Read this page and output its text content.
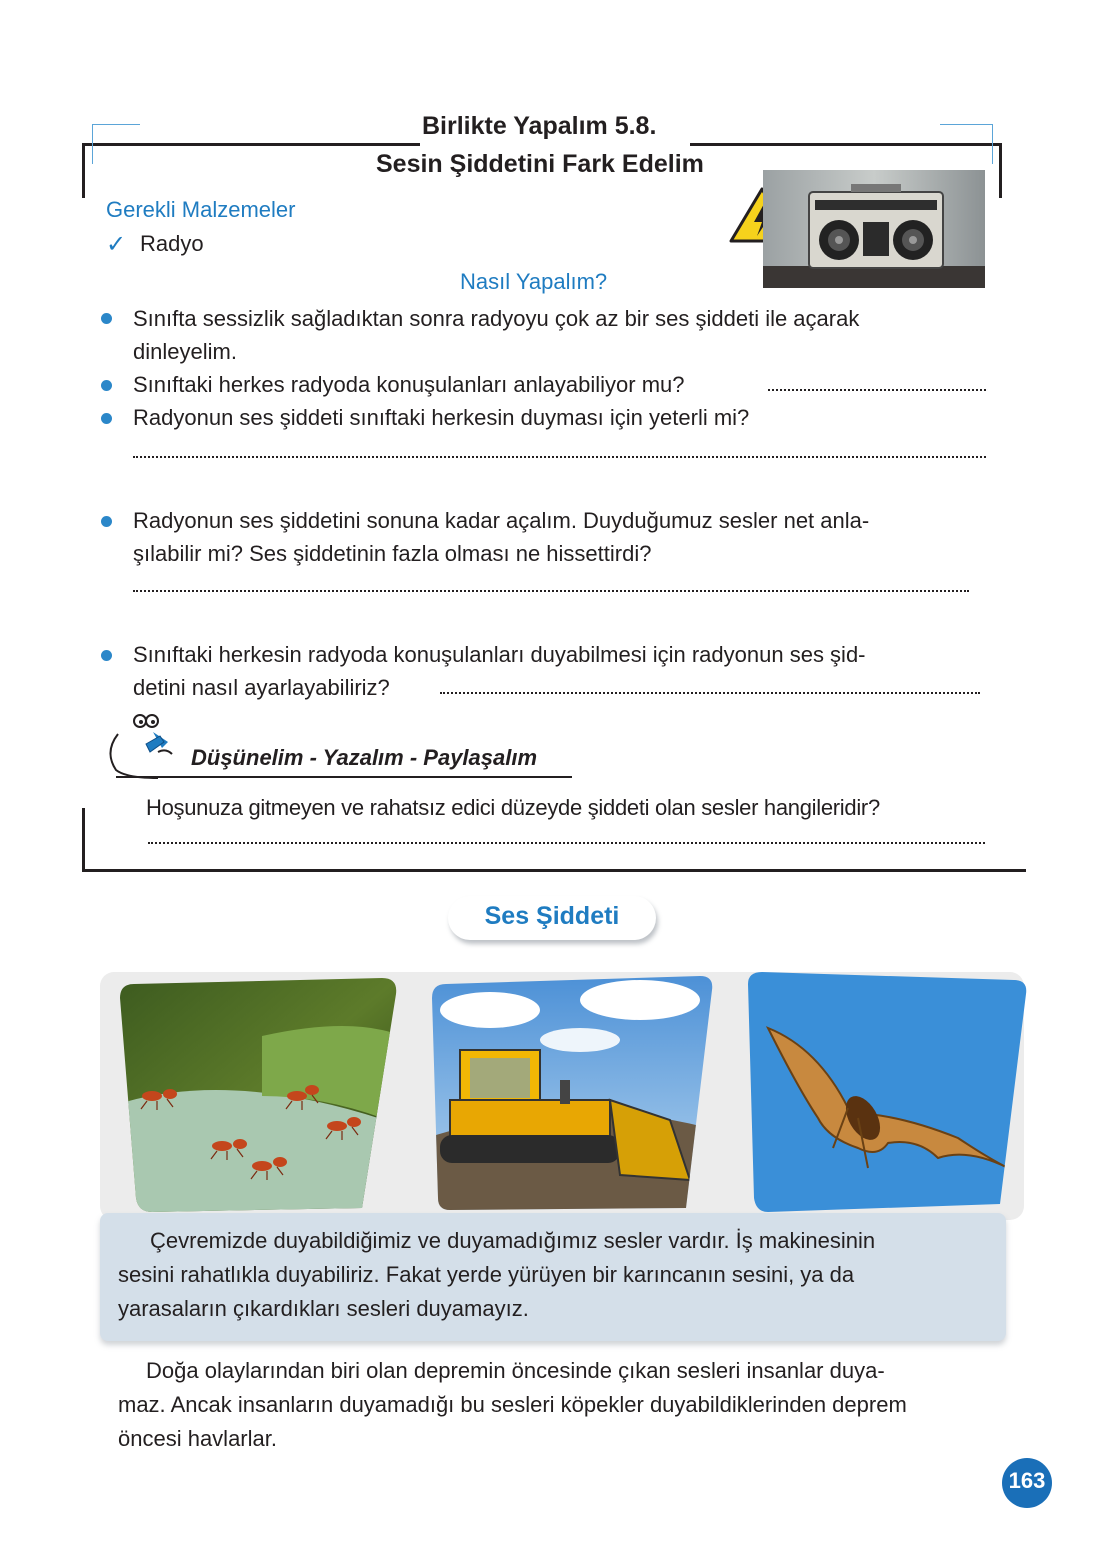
Birlikte Yapalım 5.8.
Sesin Şiddetini Fark Edelim
Gerekli Malzemeler
✓ Radyo
Nasıl Yapalım?
Sınıfta sessizlik sağladıktan sonra radyoyu çok az bir ses şiddeti ile açarak
dinleyelim.
Sınıftaki herkes radyoda konuşulanları anlayabiliyor mu?
Radyonun ses şiddeti sınıftaki herkesin duyması için yeterli mi?
Radyonun ses şiddetini sonuna kadar açalım. Duyduğumuz sesler net anla-
şılabilir mi? Ses şiddetinin fazla olması ne hissettirdi?
Sınıftaki herkesin radyoda konuşulanları duyabilmesi için radyonun ses şid-
detini nasıl ayarlayabiliriz?
Düşünelim - Yazalım - Paylaşalım
Hoşunuza gitmeyen ve rahatsız edici düzeyde şiddeti olan sesler hangileridir?
Ses Şiddeti
Çevremizde duyabildiğimiz ve duyamadığımız sesler vardır. İş makinesinin
sesini rahatlıkla duyabiliriz. Fakat yerde yürüyen bir karıncanın sesini, ya da
yarasaların çıkardıkları sesleri duyamayız.
Doğa olaylarından biri olan depremin öncesinde çıkan sesleri insanlar duya-
maz. Ancak insanların duyamadığı bu sesleri köpekler duyabildiklerinden deprem
öncesi havlarlar.
163
